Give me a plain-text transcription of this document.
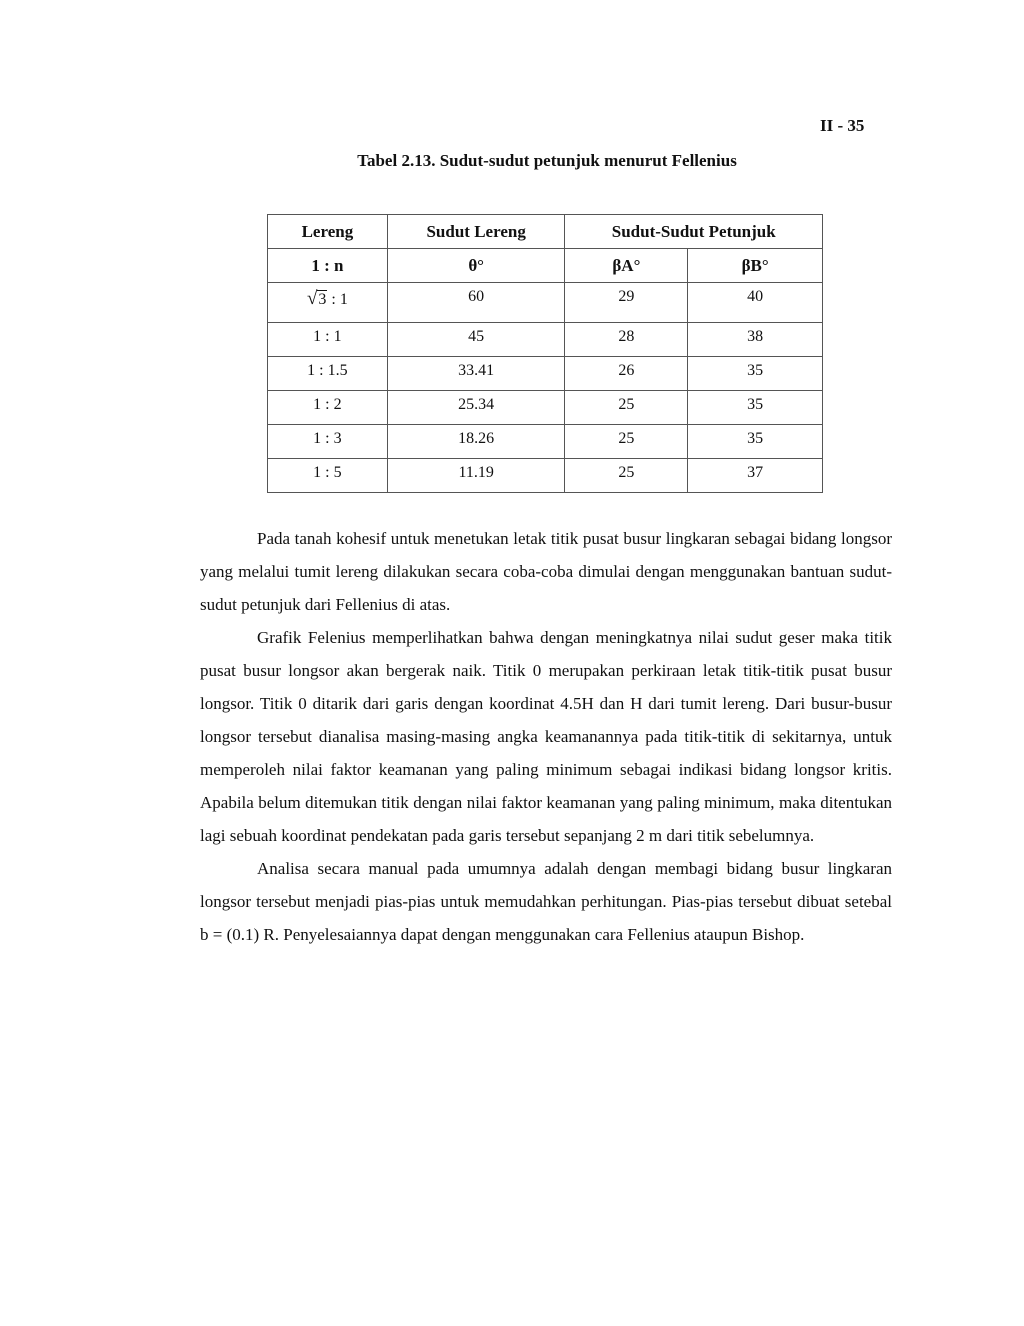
II - 35
Tabel 2.13. Sudut-sudut petunjuk menurut Fellenius
Lereng	Sudut Lereng	Sudut-Sudut Petunjuk	
1 : n	θ°	βA°	βB°
√3 : 1	60	29	40
1 : 1	45	28	38
1 : 1.5	33.41	26	35
1 : 2	25.34	25	35
1 : 3	18.26	25	35
1 : 5	11.19	25	37

Pada tanah kohesif untuk menetukan letak titik pusat busur lingkaran sebagai bidang longsor yang melalui tumit lereng dilakukan secara coba-coba dimulai dengan menggunakan bantuan sudut-sudut petunjuk dari Fellenius di atas.

Grafik Felenius memperlihatkan bahwa dengan meningkatnya nilai sudut geser maka titik pusat busur longsor akan bergerak naik. Titik 0 merupakan perkiraan letak titik-titik pusat busur longsor. Titik 0 ditarik dari garis dengan koordinat 4.5H dan H dari tumit lereng. Dari busur-busur longsor tersebut dianalisa masing-masing angka keamanannya pada titik-titik di sekitarnya, untuk memperoleh nilai faktor keamanan yang paling minimum sebagai indikasi bidang longsor kritis. Apabila belum ditemukan titik dengan nilai faktor keamanan yang paling minimum, maka ditentukan lagi sebuah koordinat pendekatan pada garis tersebut sepanjang 2 m dari titik sebelumnya.

Analisa secara manual pada umumnya adalah dengan membagi bidang busur lingkaran longsor tersebut menjadi pias-pias untuk memudahkan perhitungan. Pias-pias tersebut dibuat setebal b = (0.1) R. Penyelesaiannya dapat dengan menggunakan cara Fellenius ataupun Bishop.
